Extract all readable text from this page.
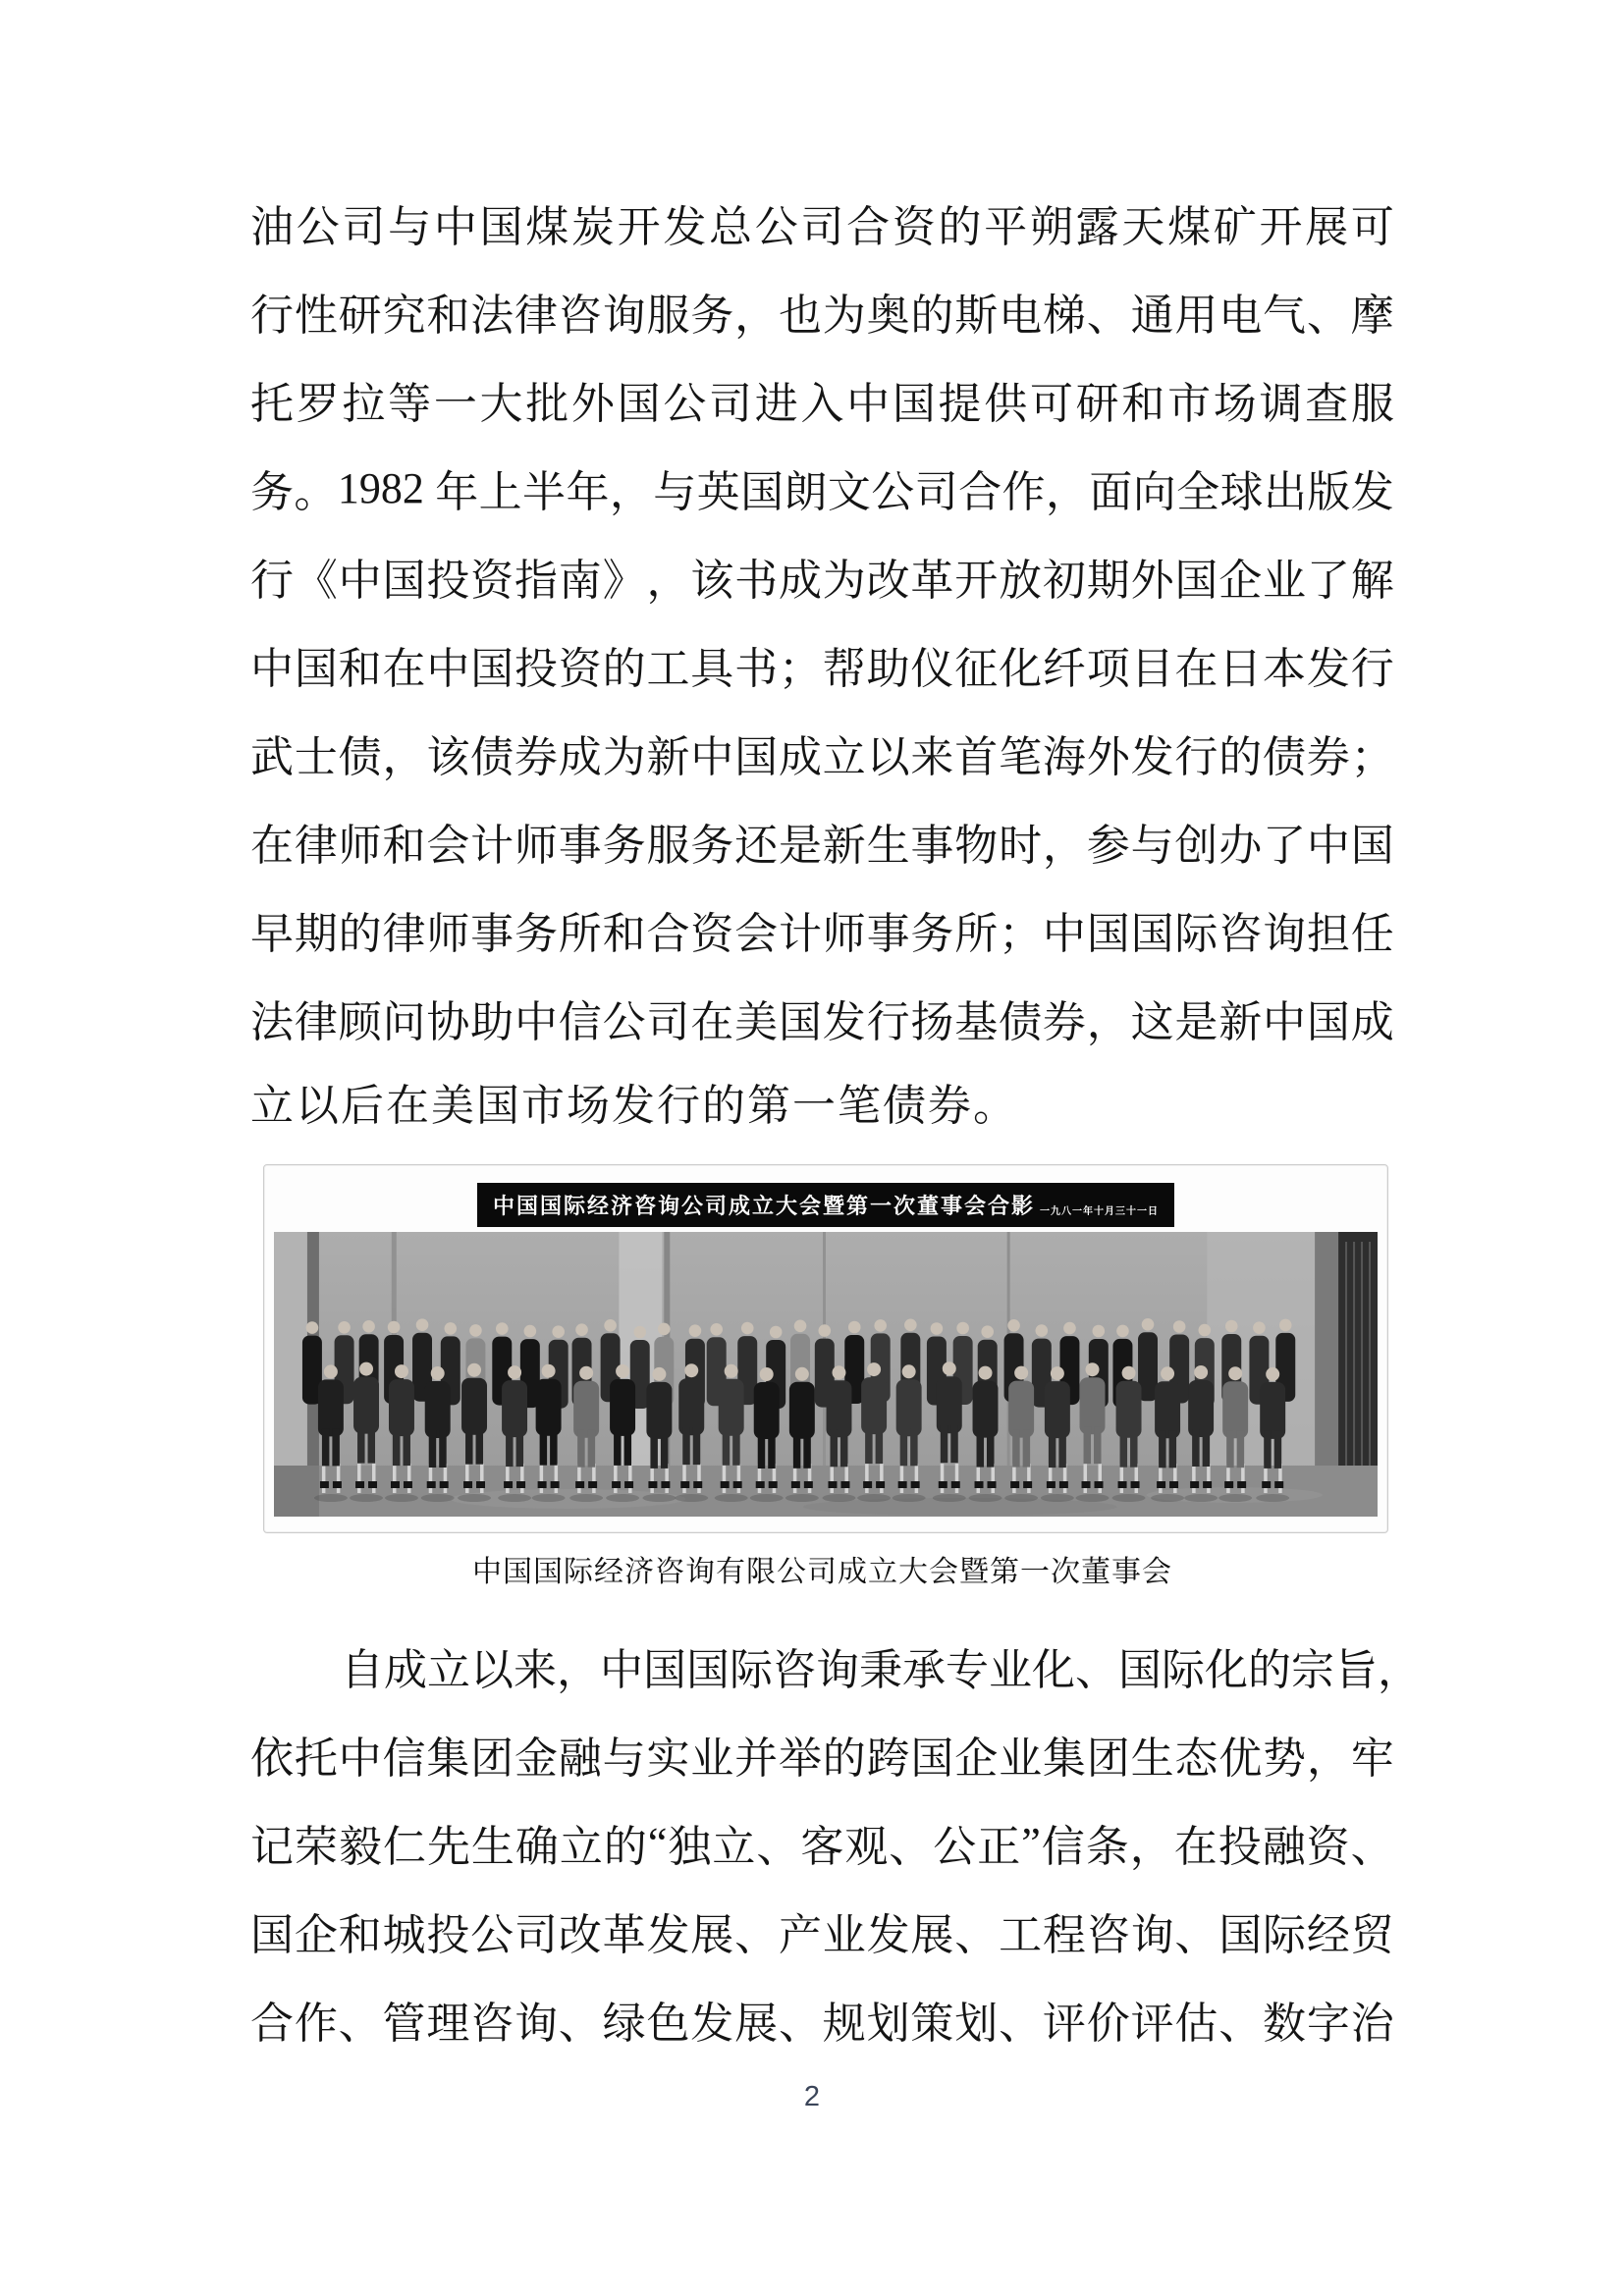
油 公 司 与 中 国 煤 炭 开 发 总 公 司 合 资 的 平 朔 露 天 煤 矿 开 展 可
行 性 研 究 和 法 律 咨 询 服 务 ， 也 为 奥 的 斯 电 梯 、 通 用 电 气 、 摩
托 罗 拉 等 一 大 批 外 国 公 司 进 入 中 国 提 供 可 研 和 市 场 调 查 服
务 。 1982 年 上 半 年 ， 与 英 国 朗 文 公 司 合 作 ， 面 向 全 球 出 版 发
行 《 中 国 投 资 指 南 》 ， 该 书 成 为 改 革 开 放 初 期 外 国 企 业 了 解
中 国 和 在 中 国 投 资 的 工 具 书 ； 帮 助 仪 征 化 纤 项 目 在 日 本 发 行
武 士 债 ， 该 债 券 成 为 新 中 国 成 立 以 来 首 笔 海 外 发 行 的 债 券 ；
在 律 师 和 会 计 师 事 务 服 务 还 是 新 生 事 物 时 ， 参 与 创 办 了 中 国
早 期 的 律 师 事 务 所 和 合 资 会 计 师 事 务 所 ； 中 国 国 际 咨 询 担 任
法 律 顾 问 协 助 中 信 公 司 在 美 国 发 行 扬 基 债 券 ， 这 是 新 中 国 成
立以后在美国市场发行的第一笔债券。
中国国际经济咨询公司成立大会暨第一次董事会合影 一九八一年十月三十一日
中国国际经济咨询有限公司成立大会暨第一次董事会
自 成 立 以 来 ， 中 国 国 际 咨 询 秉 承 专 业 化 、 国 际 化 的 宗 旨 ，
依 托 中 信 集 团 金 融 与 实 业 并 举 的 跨 国 企 业 集 团 生 态 优 势 ， 牢
记 荣 毅 仁 先 生 确 立 的 “ 独 立 、 客 观 、 公 正 ” 信 条 ， 在 投 融 资 、
国 企 和 城 投 公 司 改 革 发 展 、 产 业 发 展 、 工 程 咨 询 、 国 际 经 贸
合 作 、 管 理 咨 询 、 绿 色 发 展 、 规 划 策 划 、 评 价 评 估 、 数 字 治
2
